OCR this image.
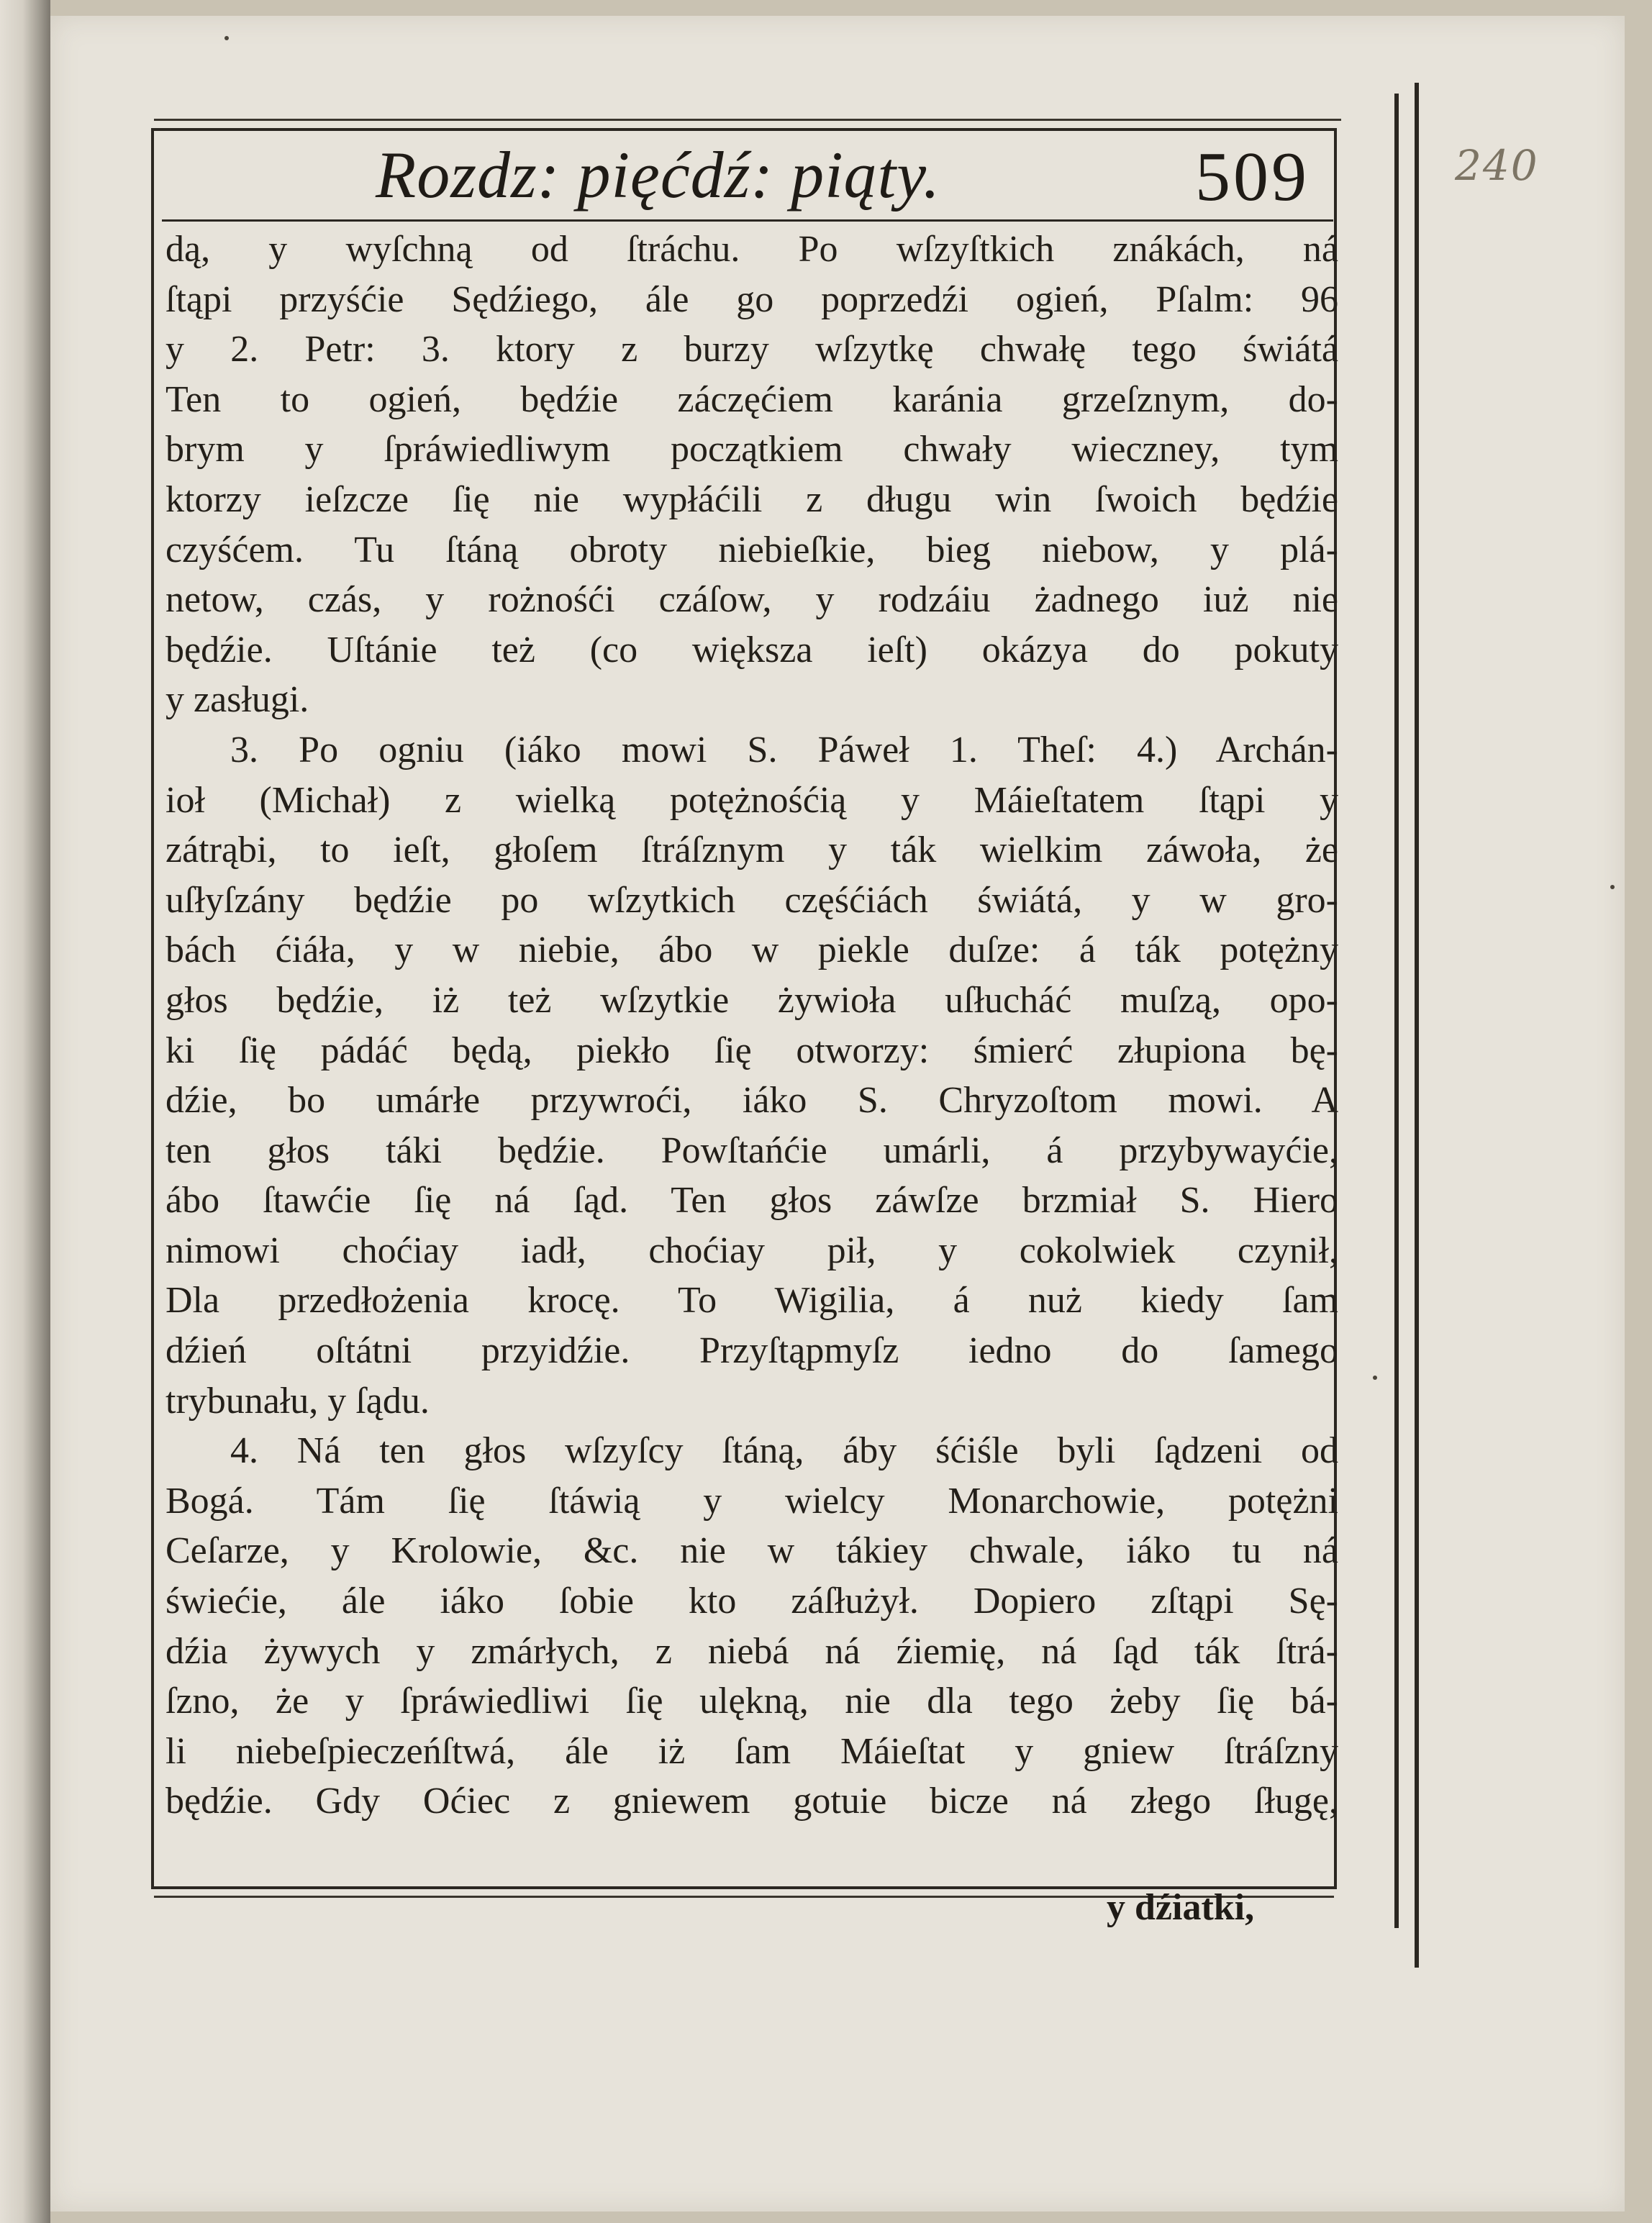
Rozdz: pięćdź: piąty.	509	240
dą, y wyſchną od ſtráchu. Po wſzyſtkich znákách, ná
ſtąpi przyśćie Sędźiego, ále go poprzedźi ogień, Pſalm: 96
y 2. Petr: 3. ktory z burzy wſzytkę chwałę tego świátá
Ten to ogień, będźie záczęćiem karánia grzeſznym, do-
brym y ſpráwiedliwym początkiem chwały wieczney, tym
ktorzy ieſzcze ſię nie wypłáćili z długu win ſwoich będźie
czyśćem. Tu ſtáną obroty niebieſkie, bieg niebow, y plá-
netow, czás, y rożnośći czáſow, y rodzáiu żadnego iuż nie
będźie. Uſtánie też (co większa ieſt) okázya do pokuty
y zasługi.
3. Po ogniu (iáko mowi S. Páweł 1. Theſ: 4.) Archán-
ioł (Michał) z wielką potężnośćią y Máieſtatem ſtąpi y
zátrąbi, to ieſt, głoſem ſtráſznym y ták wielkim záwoła, że
uſłyſzány będźie po wſzytkich częśćiách świátá, y w gro-
bách ćiáła, y w niebie, ábo w piekle duſze: á ták potężny
głos będźie, iż też wſzytkie żywioła uſłucháć muſzą, opo-
ki ſię pádáć będą, piekło ſię otworzy: śmierć złupiona bę-
dźie, bo umárłe przywroći, iáko S. Chryzoſtom mowi. A
ten głos táki będźie. Powſtańćie umárli, á przybywayćie,
ábo ſtawćie ſię ná ſąd. Ten głos záwſze brzmiał S. Hiero
nimowi choćiay iadł, choćiay pił, y cokolwiek czynił,
Dla przedłożenia krocę. To Wigilia, á nuż kiedy ſam
dźień oſtátni przyidźie. Przyſtąpmyſz iedno do ſamego
trybunału, y ſądu.
4. Ná ten głos wſzyſcy ſtáną, áby śćiśle byli ſądzeni od
Bogá. Tám ſię ſtáwią y wielcy Monarchowie, potężni
Ceſarze, y Krolowie, &c. nie w tákiey chwale, iáko tu ná
świećie, ále iáko ſobie kto záſłużył. Dopiero zſtąpi Sę-
dźia żywych y zmárłych, z niebá ná źiemię, ná ſąd ták ſtrá-
ſzno, że y ſpráwiedliwi ſię ulękną, nie dla tego żeby ſię bá-
li niebeſpieczeńſtwá, ále iż ſam Máieſtat y gniew ſtráſzny
będźie. Gdy Oćiec z gniewem gotuie bicze ná złego ſługę,
y dźiatki,
